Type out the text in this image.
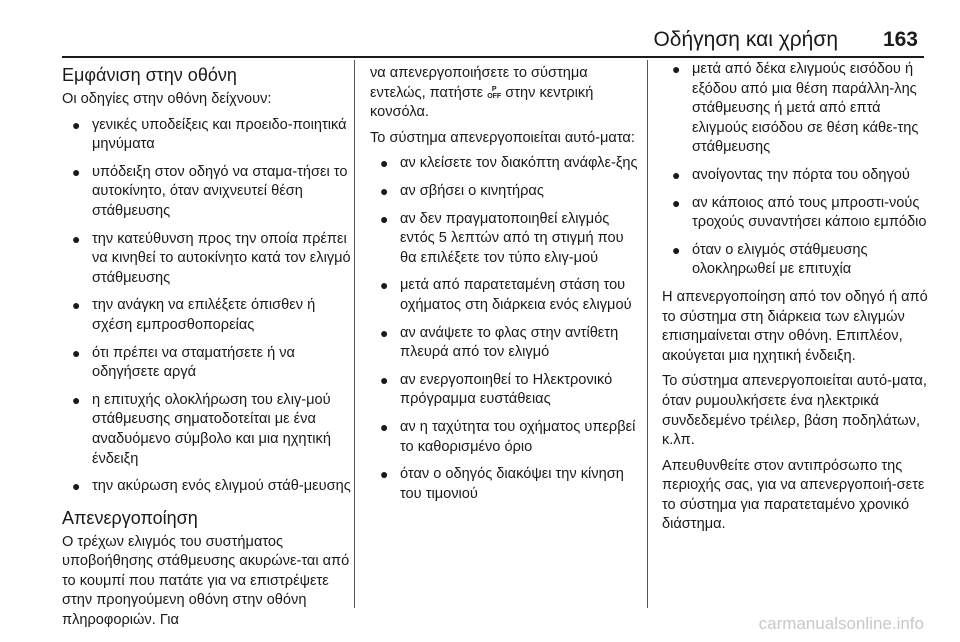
Οδήγηση και χρήση 163
Εμφάνιση στην οθόνη

Οι οδηγίες στην οθόνη δείχνουν:

● γενικές υποδείξεις και προειδο-ποιητικά μηνύματα
● υπόδειξη στον οδηγό να σταμα-τήσει το αυτοκίνητο, όταν ανιχνευτεί θέση στάθμευσης
● την κατεύθυνση προς την οποία πρέπει να κινηθεί το αυτοκίνητο κατά τον ελιγμό στάθμευσης
● την ανάγκη να επιλέξετε όπισθεν ή σχέση εμπροσθοπορείας
● ότι πρέπει να σταματήσετε ή να οδηγήσετε αργά
● η επιτυχής ολοκλήρωση του ελιγ-μού στάθμευσης σηματοδοτείται με ένα αναδυόμενο σύμβολο και μια ηχητική ένδειξη
● την ακύρωση ενός ελιγμού στάθ-μευσης
Απενεργοποίηση

Ο τρέχων ελιγμός του συστήματος υποβοήθησης στάθμευσης ακυρώνε-ται από το κουμπί που πατάτε για να επιστρέψετε στην προηγούμενη οθόνη στην οθόνη πληροφοριών. Για

να απενεργοποιήσετε το σύστημα εντελώς, πατήστε P
OFF στην κεντρική κονσόλα.

Το σύστημα απενεργοποιείται αυτό-ματα:

● αν κλείσετε τον διακόπτη ανάφλε-ξης
● αν σβήσει ο κινητήρας
● αν δεν πραγματοποιηθεί ελιγμός εντός 5 λεπτών από τη στιγμή που θα επιλέξετε τον τύπο ελιγ-μού
● μετά από παρατεταμένη στάση του οχήματος στη διάρκεια ενός ελιγμού
● αν ανάψετε το φλας στην αντίθετη πλευρά από τον ελιγμό
● αν ενεργοποιηθεί το Ηλεκτρονικό πρόγραμμα ευστάθειας
● αν η ταχύτητα του οχήματος υπερβεί το καθορισμένο όριο
● όταν ο οδηγός διακόψει την κίνηση του τιμονιού
● μετά από δέκα ελιγμούς εισόδου ή εξόδου από μια θέση παράλλη-λης στάθμευσης ή μετά από επτά ελιγμούς εισόδου σε θέση κάθε-της στάθμευσης
● ανοίγοντας την πόρτα του οδηγού
● αν κάποιος από τους μπροστι-νούς τροχούς συναντήσει κάποιο εμπόδιο
● όταν ο ελιγμός στάθμευσης ολοκληρωθεί με επιτυχία

Η απενεργοποίηση από τον οδηγό ή από το σύστημα στη διάρκεια των ελιγμών επισημαίνεται στην οθόνη. Επιπλέον, ακούγεται μια ηχητική ένδειξη.

Το σύστημα απενεργοποιείται αυτό-ματα, όταν ρυμουλκήσετε ένα ηλεκτρικά συνδεδεμένο τρέιλερ, βάση ποδηλάτων, κ.λπ.

Απευθυνθείτε στον αντιπρόσωπο της περιοχής σας, για να απενεργοποιή-σετε το σύστημα για παρατεταμένο χρονικό διάστημα.

carmanualsonline.info
